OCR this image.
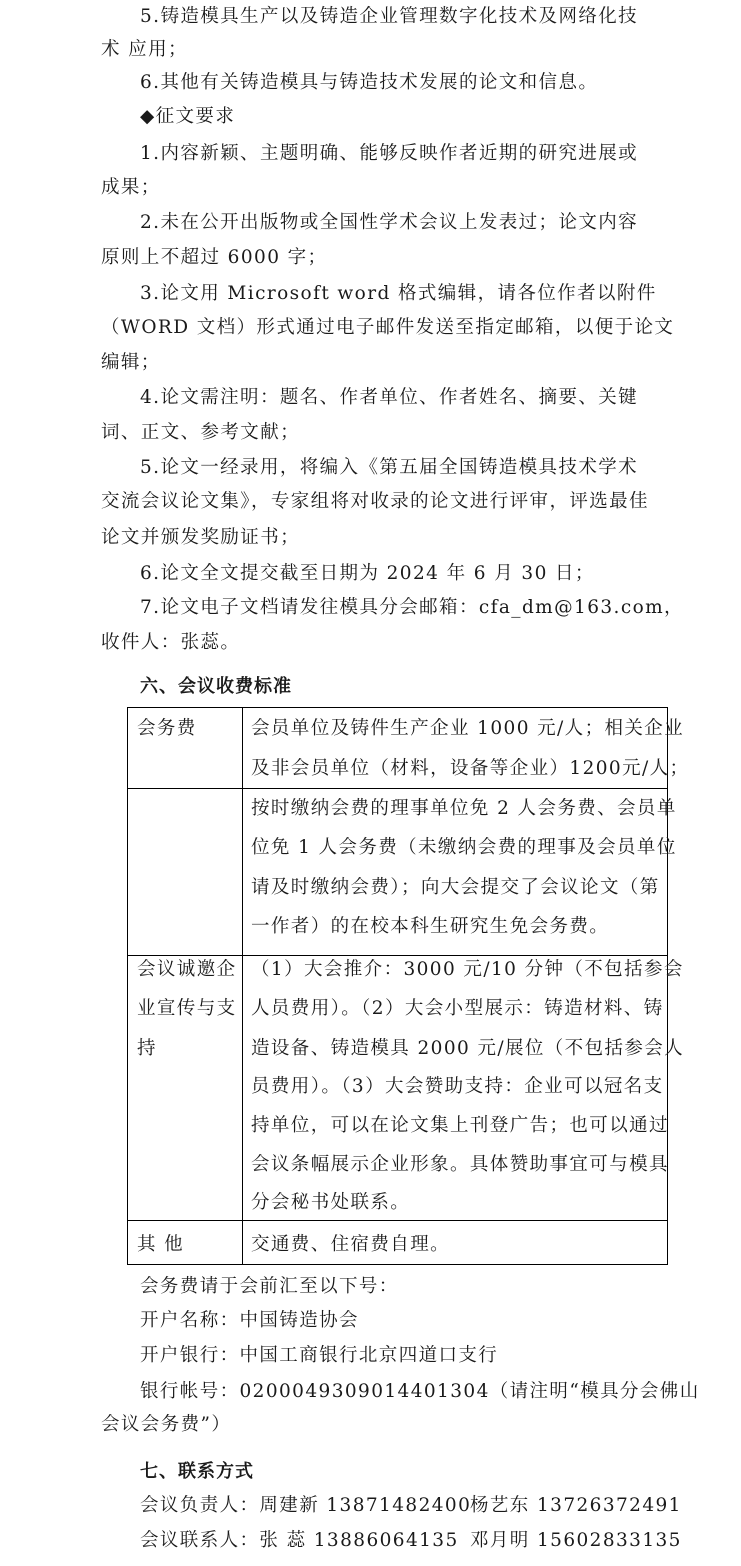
5.铸造模具生产以及铸造企业管理数字化技术及网络化技
术 应用；
6.其他有关铸造模具与铸造技术发展的论文和信息。
◆征文要求
1.内容新颖、主题明确、能够反映作者近期的研究进展或
成果；
2.未在公开出版物或全国性学术会议上发表过；论文内容
原则上不超过 6000 字；
3.论文用 Microsoft word 格式编辑，请各位作者以附件
（WORD 文档）形式通过电子邮件发送至指定邮箱，以便于论文
编辑；
4.论文需注明：题名、作者单位、作者姓名、摘要、关键
词、正文、参考文献；
5.论文一经录用，将编入《第五届全国铸造模具技术学术
交流会议论文集》，专家组将对收录的论文进行评审，评选最佳
论文并颁发奖励证书；
6.论文全文提交截至日期为 2024 年 6 月 30 日；
7.论文电子文档请发往模具分会邮箱：cfa_dm@163.com，
收件人：张蕊。
六、会议收费标准
会务费	会员单位及铸件生产企业 1000 元/人；相关企业
及非会员单位（材料，设备等企业）1200元/人；
按时缴纳会费的理事单位免 2 人会务费、会员单
位免 1 人会务费（未缴纳会费的理事及会员单位
请及时缴纳会费）；向大会提交了会议论文（第
一作者）的在校本科生研究生免会务费。
会议诚邀企
业宣传与支
持
（1）大会推介：3000 元/10 分钟（不包括参会
人员费用）。（2）大会小型展示：铸造材料、铸
造设备、铸造模具 2000 元/展位（不包括参会人
员费用）。（3）大会赞助支持：企业可以冠名支
持单位，可以在论文集上刊登广告；也可以通过
会议条幅展示企业形象。具体赞助事宜可与模具
分会秘书处联系。
其 他	交通费、住宿费自理。
会务费请于会前汇至以下号：
开户名称：中国铸造协会
开户银行：中国工商银行北京四道口支行
银行帐号：0200049309014401304（请注明“模具分会佛山
会议会务费”）
七、联系方式
会议负责人：周建新 13871482400
杨艺东 13726372491
会议联系人：张 蕊 13886064135 邓月明 15602833135
